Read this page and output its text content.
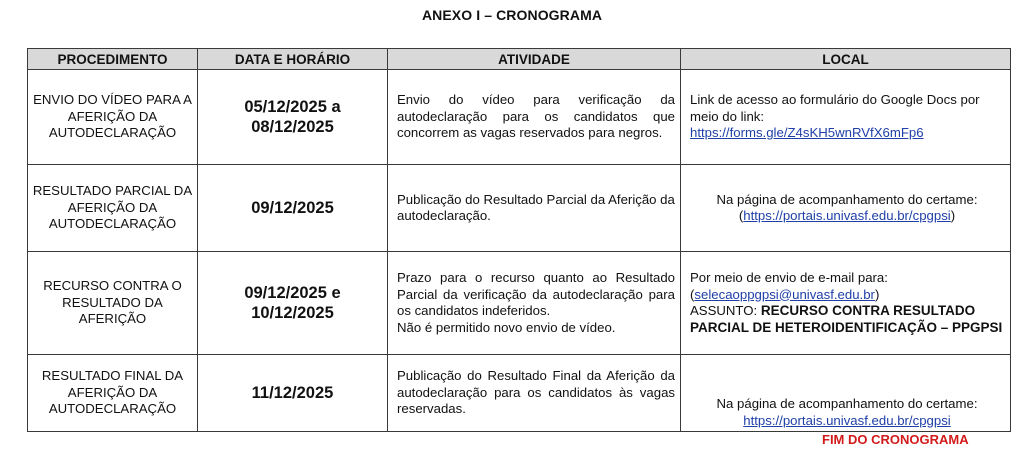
ANEXO I – CRONOGRAMA
PROCEDIMENTO	DATA E HORÁRIO	ATIVIDADE	LOCAL
ENVIO DO VÍDEO PARA A AFERIÇÃO DA AUTODECLARAÇÃO	05/12/2025 a
08/12/2025	Envio do vídeo para verificação da autodeclaração para os candidatos que concorrem as vagas reservados para negros.	Link de acesso ao formulário do Google Docs por meio do link:
https://forms.gle/Z4sKH5wnRVfX6mFp6
RESULTADO PARCIAL DA AFERIÇÃO DA AUTODECLARAÇÃO	09/12/2025	Publicação do Resultado Parcial da Aferição da autodeclaração.	Na página de acompanhamento do certame:
(https://portais.univasf.edu.br/cpgpsi)
RECURSO CONTRA O RESULTADO DA AFERIÇÃO	09/12/2025 e
10/12/2025	Prazo para o recurso quanto ao Resultado Parcial da verificação da autodeclaração para os candidatos indeferidos.
Não é permitido novo envio de vídeo.	Por meio de envio de e-mail para:
(selecaoppgpsi@univasf.edu.br)
ASSUNTO: RECURSO CONTRA RESULTADO PARCIAL DE HETEROIDENTIFICAÇÃO – PPGPSI
RESULTADO FINAL DA AFERIÇÃO DA AUTODECLARAÇÃO	11/12/2025	Publicação do Resultado Final da Aferição da autodeclaração para os candidatos às vagas reservadas.	Na página de acompanhamento do certame:
https://portais.univasf.edu.br/cpgpsi
FIM DO CRONOGRAMA
